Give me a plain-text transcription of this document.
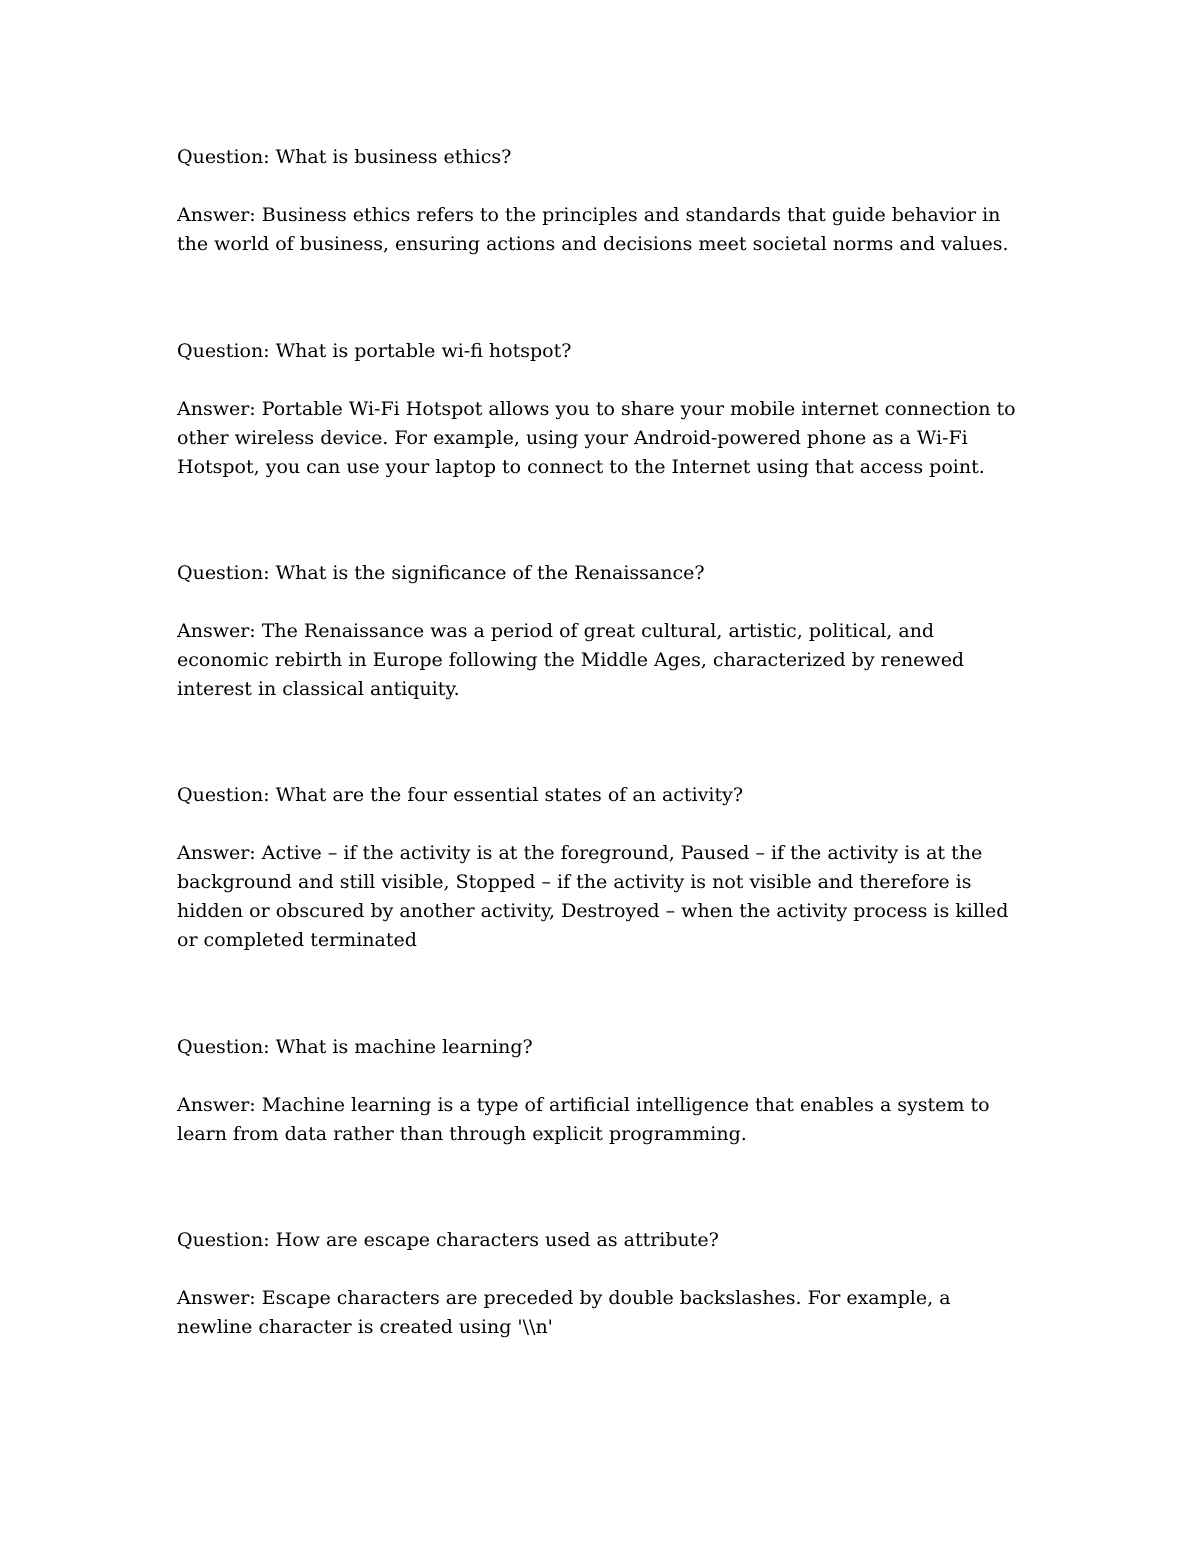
Question: What is business ethics?

Answer: Business ethics refers to the principles and standards that guide behavior in the world of business, ensuring actions and decisions meet societal norms and values.

Question: What is portable wi-fi hotspot?

Answer: Portable Wi-Fi Hotspot allows you to share your mobile internet connection to other wireless device. For example, using your Android-powered phone as a Wi-Fi Hotspot, you can use your laptop to connect to the Internet using that access point.

Question: What is the significance of the Renaissance?

Answer: The Renaissance was a period of great cultural, artistic, political, and economic rebirth in Europe following the Middle Ages, characterized by renewed interest in classical antiquity.

Question: What are the four essential states of an activity?

Answer: Active – if the activity is at the foreground, Paused – if the activity is at the background and still visible, Stopped – if the activity is not visible and therefore is hidden or obscured by another activity, Destroyed – when the activity process is killed or completed terminated

Question: What is machine learning?

Answer: Machine learning is a type of artificial intelligence that enables a system to learn from data rather than through explicit programming.

Question: How are escape characters used as attribute?

Answer: Escape characters are preceded by double backslashes. For example, a newline character is created using '\\n'
